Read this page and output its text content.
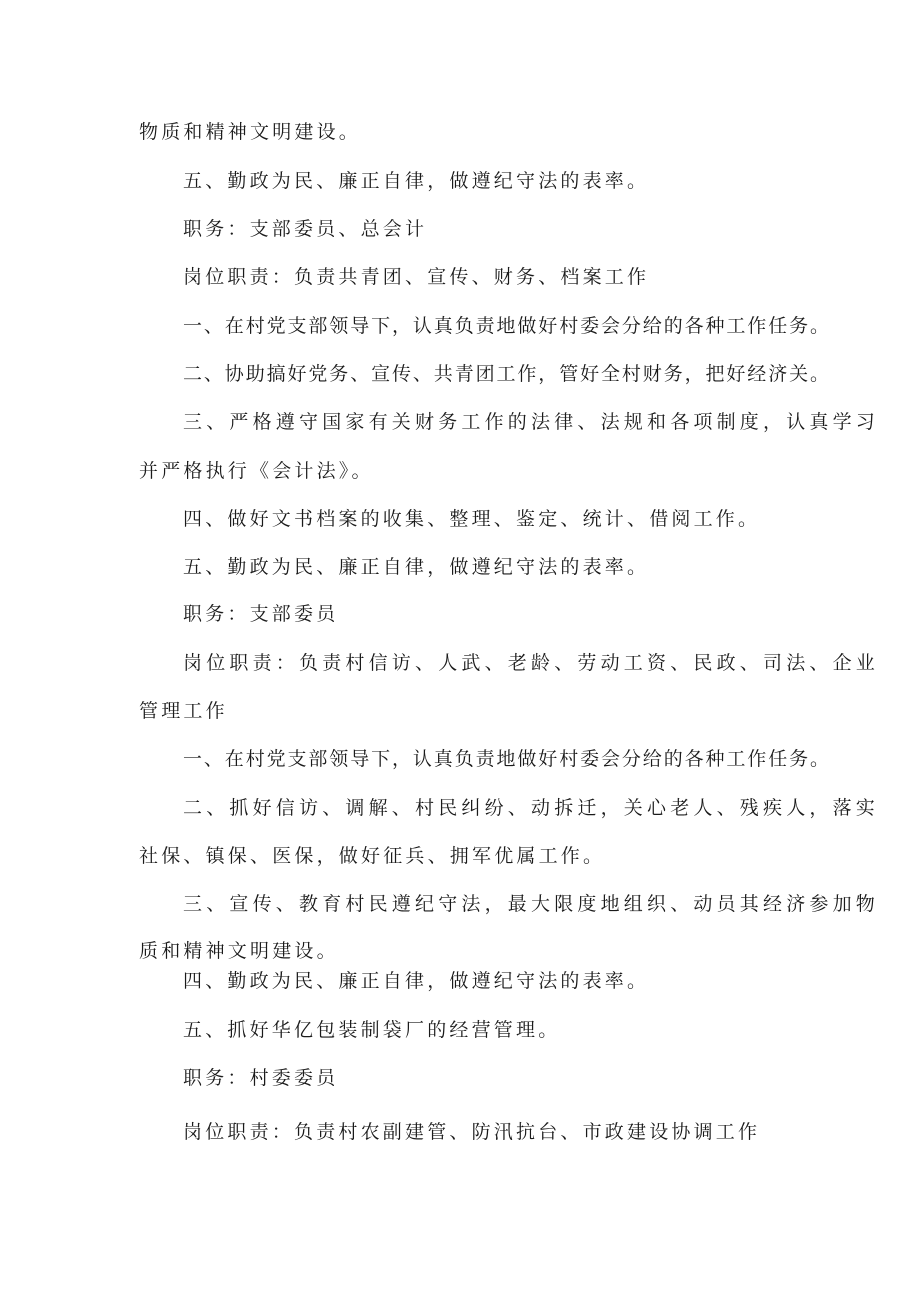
物质和精神文明建设。
五、勤政为民、廉正自律，做遵纪守法的表率。
职务：支部委员、总会计
岗位职责：负责共青团、宣传、财务、档案工作
一、在村党支部领导下，认真负责地做好村委会分给的各种工作任务。
二、协助搞好党务、宣传、共青团工作，管好全村财务，把好经济关。
三、严格遵守国家有关财务工作的法律、法规和各项制度，认真学习
并严格执行《会计法》。
四、做好文书档案的收集、整理、鉴定、统计、借阅工作。
五、勤政为民、廉正自律，做遵纪守法的表率。
职务：支部委员
岗位职责：负责村信访、人武、老龄、劳动工资、民政、司法、企业
管理工作
一、在村党支部领导下，认真负责地做好村委会分给的各种工作任务。
二、抓好信访、调解、村民纠纷、动拆迁，关心老人、残疾人，落实
社保、镇保、医保，做好征兵、拥军优属工作。
三、宣传、教育村民遵纪守法，最大限度地组织、动员其经济参加物
质和精神文明建设。
四、勤政为民、廉正自律，做遵纪守法的表率。
五、抓好华亿包装制袋厂的经营管理。
职务：村委委员
岗位职责：负责村农副建管、防汛抗台、市政建设协调工作
